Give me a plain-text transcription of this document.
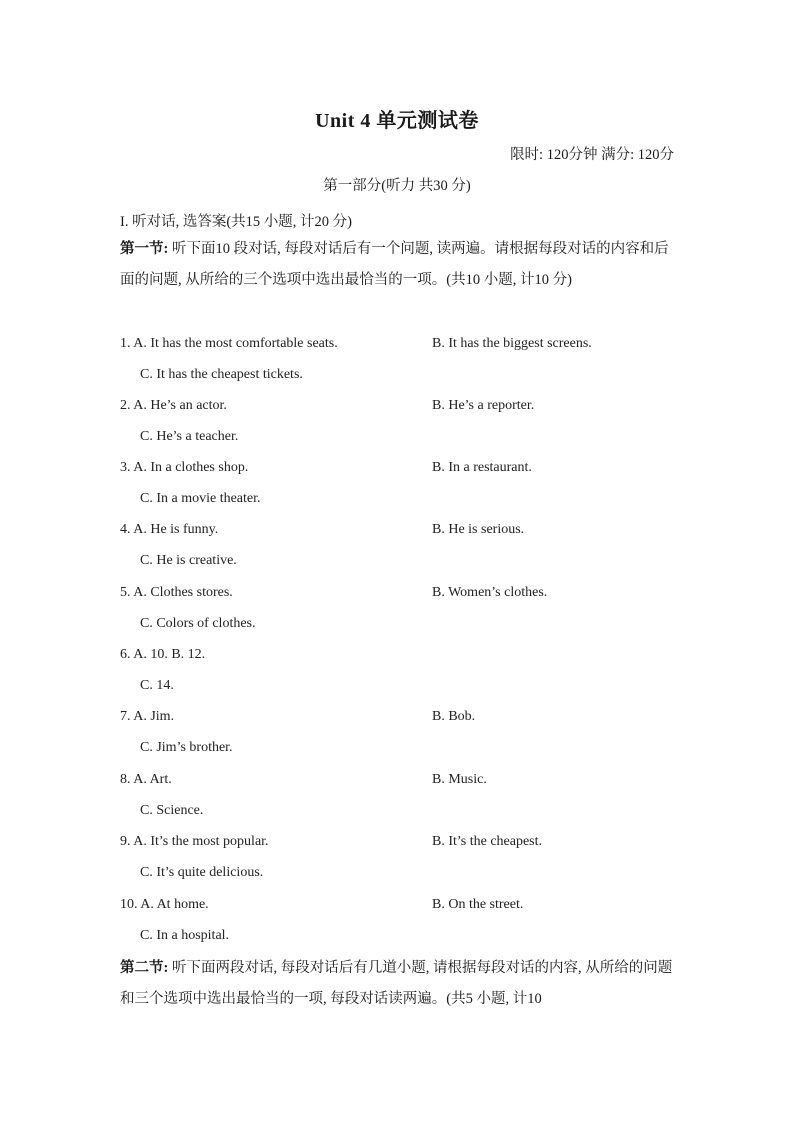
Unit 4 单元测试卷
限时: 120分钟 满分: 120分
第一部分(听力 共30 分)
I. 听对话, 选答案(共15 小题, 计20 分)
第一节: 听下面10 段对话, 每段对话后有一个问题, 读两遍。请根据每段对话的内容和后面的问题, 从所给的三个选项中选出最恰当的一项。(共10 小题, 计10 分)
1. A. It has the most comfortable seats.	B. It has the biggest screens.
C. It has the cheapest tickets.
2. A. He’s an actor.	B. He’s a reporter.
C. He’s a teacher.
3. A. In a clothes shop.	B. In a restaurant.
C. In a movie theater.
4. A. He is funny.	B. He is serious.
C. He is creative.
5. A. Clothes stores.	B. Women’s clothes.
C. Colors of clothes.
6. A. 10. B. 12.
C. 14.
7. A. Jim.	B. Bob.
C. Jim’s brother.
8. A. Art.	B. Music.
C. Science.
9. A. It’s the most popular.	B. It’s the cheapest.
C. It’s quite delicious.
10. A. At home.	B. On the street.
C. In a hospital.
第二节: 听下面两段对话, 每段对话后有几道小题, 请根据每段对话的内容, 从所给的问题和三个选项中选出最恰当的一项, 每段对话读两遍。(共5 小题, 计10
